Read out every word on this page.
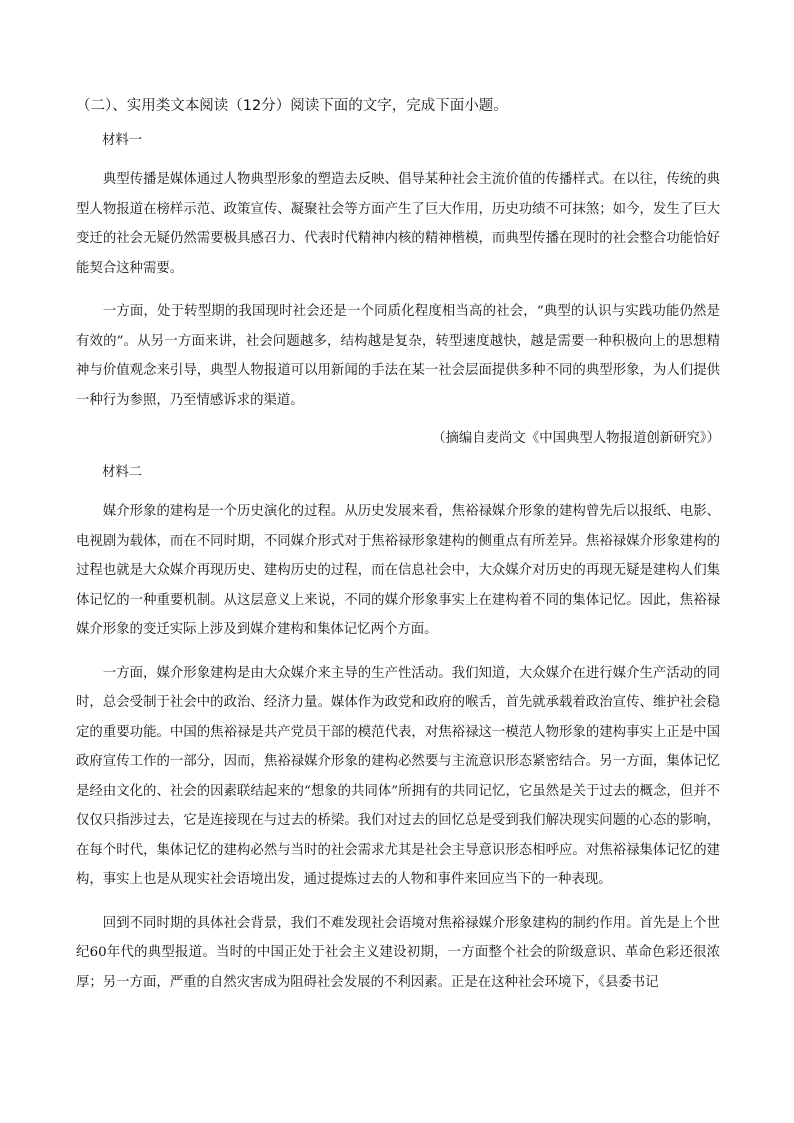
（二）、实用类文本阅读（12分）阅读下面的文字，完成下面小题。

材料一

典型传播是媒体通过人物典型形象的塑造去反映、倡导某种社会主流价值的传播样式。在以往，传统的典型人物报道在榜样示范、政策宣传、凝聚社会等方面产生了巨大作用，历史功绩不可抹煞；如今，发生了巨大变迁的社会无疑仍然需要极具感召力、代表时代精神内核的精神楷模，而典型传播在现时的社会整合功能恰好能契合这种需要。

一方面，处于转型期的我国现时社会还是一个同质化程度相当高的社会，“典型的认识与实践功能仍然是有效的”。从另一方面来讲，社会问题越多，结构越是复杂，转型速度越快，越是需要一种积极向上的思想精神与价值观念来引导，典型人物报道可以用新闻的手法在某一社会层面提供多种不同的典型形象，为人们提供一种行为参照，乃至情感诉求的渠道。

（摘编自麦尚文《中国典型人物报道创新研究》）

材料二

媒介形象的建构是一个历史演化的过程。从历史发展来看，焦裕禄媒介形象的建构曾先后以报纸、电影、电视剧为载体，而在不同时期，不同媒介形式对于焦裕禄形象建构的侧重点有所差异。焦裕禄媒介形象建构的过程也就是大众媒介再现历史、建构历史的过程，而在信息社会中，大众媒介对历史的再现无疑是建构人们集体记忆的一种重要机制。从这层意义上来说，不同的媒介形象事实上在建构着不同的集体记忆。因此，焦裕禄媒介形象的变迁实际上涉及到媒介建构和集体记忆两个方面。

一方面，媒介形象建构是由大众媒介来主导的生产性活动。我们知道，大众媒介在进行媒介生产活动的同时，总会受制于社会中的政治、经济力量。媒体作为政党和政府的喉舌，首先就承载着政治宣传、维护社会稳定的重要功能。中国的焦裕禄是共产党员干部的模范代表，对焦裕禄这一模范人物形象的建构事实上正是中国政府宣传工作的一部分，因而，焦裕禄媒介形象的建构必然要与主流意识形态紧密结合。另一方面，集体记忆是经由文化的、社会的因素联结起来的“想象的共同体”所拥有的共同记忆，它虽然是关于过去的概念，但并不仅仅只指涉过去，它是连接现在与过去的桥梁。我们对过去的回忆总是受到我们解决现实问题的心态的影响，在每个时代，集体记忆的建构必然与当时的社会需求尤其是社会主导意识形态相呼应。对焦裕禄集体记忆的建构，事实上也是从现实社会语境出发，通过提炼过去的人物和事件来回应当下的一种表现。

回到不同时期的具体社会背景，我们不难发现社会语境对焦裕禄媒介形象建构的制约作用。首先是上个世纪60年代的典型报道。当时的中国正处于社会主义建设初期，一方面整个社会的阶级意识、革命色彩还很浓厚；另一方面，严重的自然灾害成为阻碍社会发展的不利因素。正是在这种社会环境下，《县委书记
